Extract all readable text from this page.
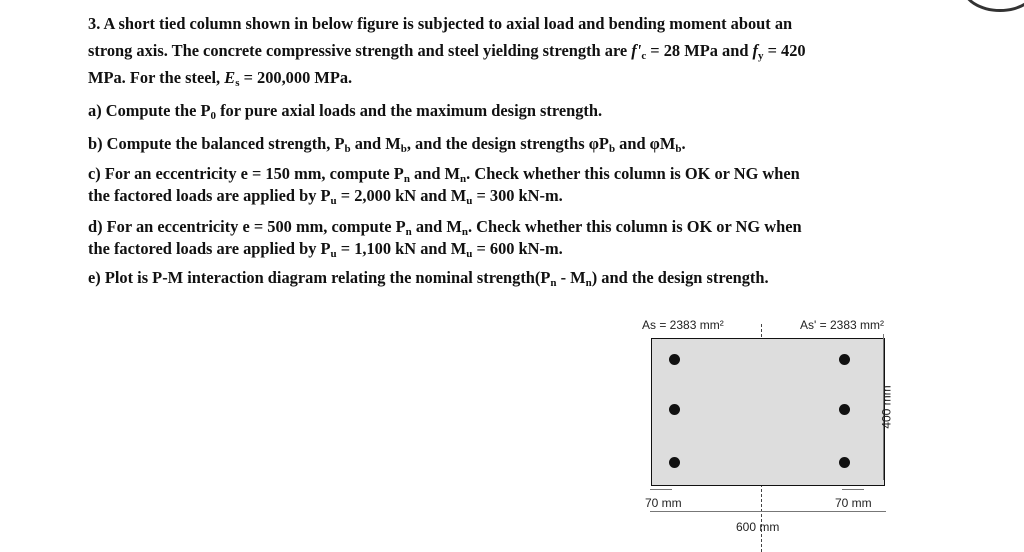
3. A short tied column shown in below figure is subjected to axial load and bending moment about an
strong axis. The concrete compressive strength and steel yielding strength are $f'_c = 28$ MPa and $f_y = 420$
MPa. For the steel, $E_s = 200,000$ MPa.

a) Compute the $P_0$ for pure axial loads and the maximum design strength.

b) Compute the balanced strength, $P_b$ and $M_b$, and the design strengths $\varphi P_b$ and $\varphi M_b$.

c) For an eccentricity e = 150 mm, compute $P_n$ and $M_n$. Check whether this column is OK or NG when
the factored loads are applied by $P_u = 2,000$ kN and $M_u = 300$ kN-m.

d) For an eccentricity e = 500 mm, compute $P_n$ and $M_n$. Check whether this column is OK or NG when
the factored loads are applied by $P_u = 1,100$ kN and $M_u = 600$ kN-m.

e) Plot is P-M interaction diagram relating the nominal $strength(P_n - M_n)$ and the design strength.

As = 2383 mm²	As' = 2383 mm²
400 mm
70 mm	70 mm
600 mm
